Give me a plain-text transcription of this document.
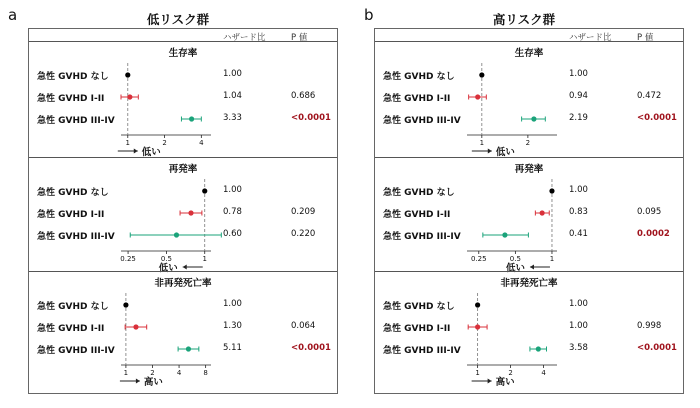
a	低リスク群
ハザード比	P 値
生存率
1	2	4
低い
急性 GVHD なし	1.00
急性 GVHD I-II	1.04	0.686
急性 GVHD III-IV	3.33	<0.0001
再発率
0.25	0.5	1
低い
急性 GVHD なし	1.00
急性 GVHD I-II	0.78	0.209
急性 GVHD III-IV	0.60	0.220
非再発死亡率
1	2	4	8
高い
急性 GVHD なし	1.00
急性 GVHD I-II	1.30	0.064
急性 GVHD III-IV	5.11	<0.0001
b	高リスク群
ハザード比	P 値
生存率
1	2
低い
急性 GVHD なし	1.00
急性 GVHD I-II	0.94	0.472
急性 GVHD III-IV	2.19	<0.0001
再発率
0.25	0.5	1
低い
急性 GVHD なし	1.00
急性 GVHD I-II	0.83	0.095
急性 GVHD III-IV	0.41	0.0002
非再発死亡率
1	2	4
高い
急性 GVHD なし	1.00
急性 GVHD I-II	1.00	0.998
急性 GVHD III-IV	3.58	<0.0001
